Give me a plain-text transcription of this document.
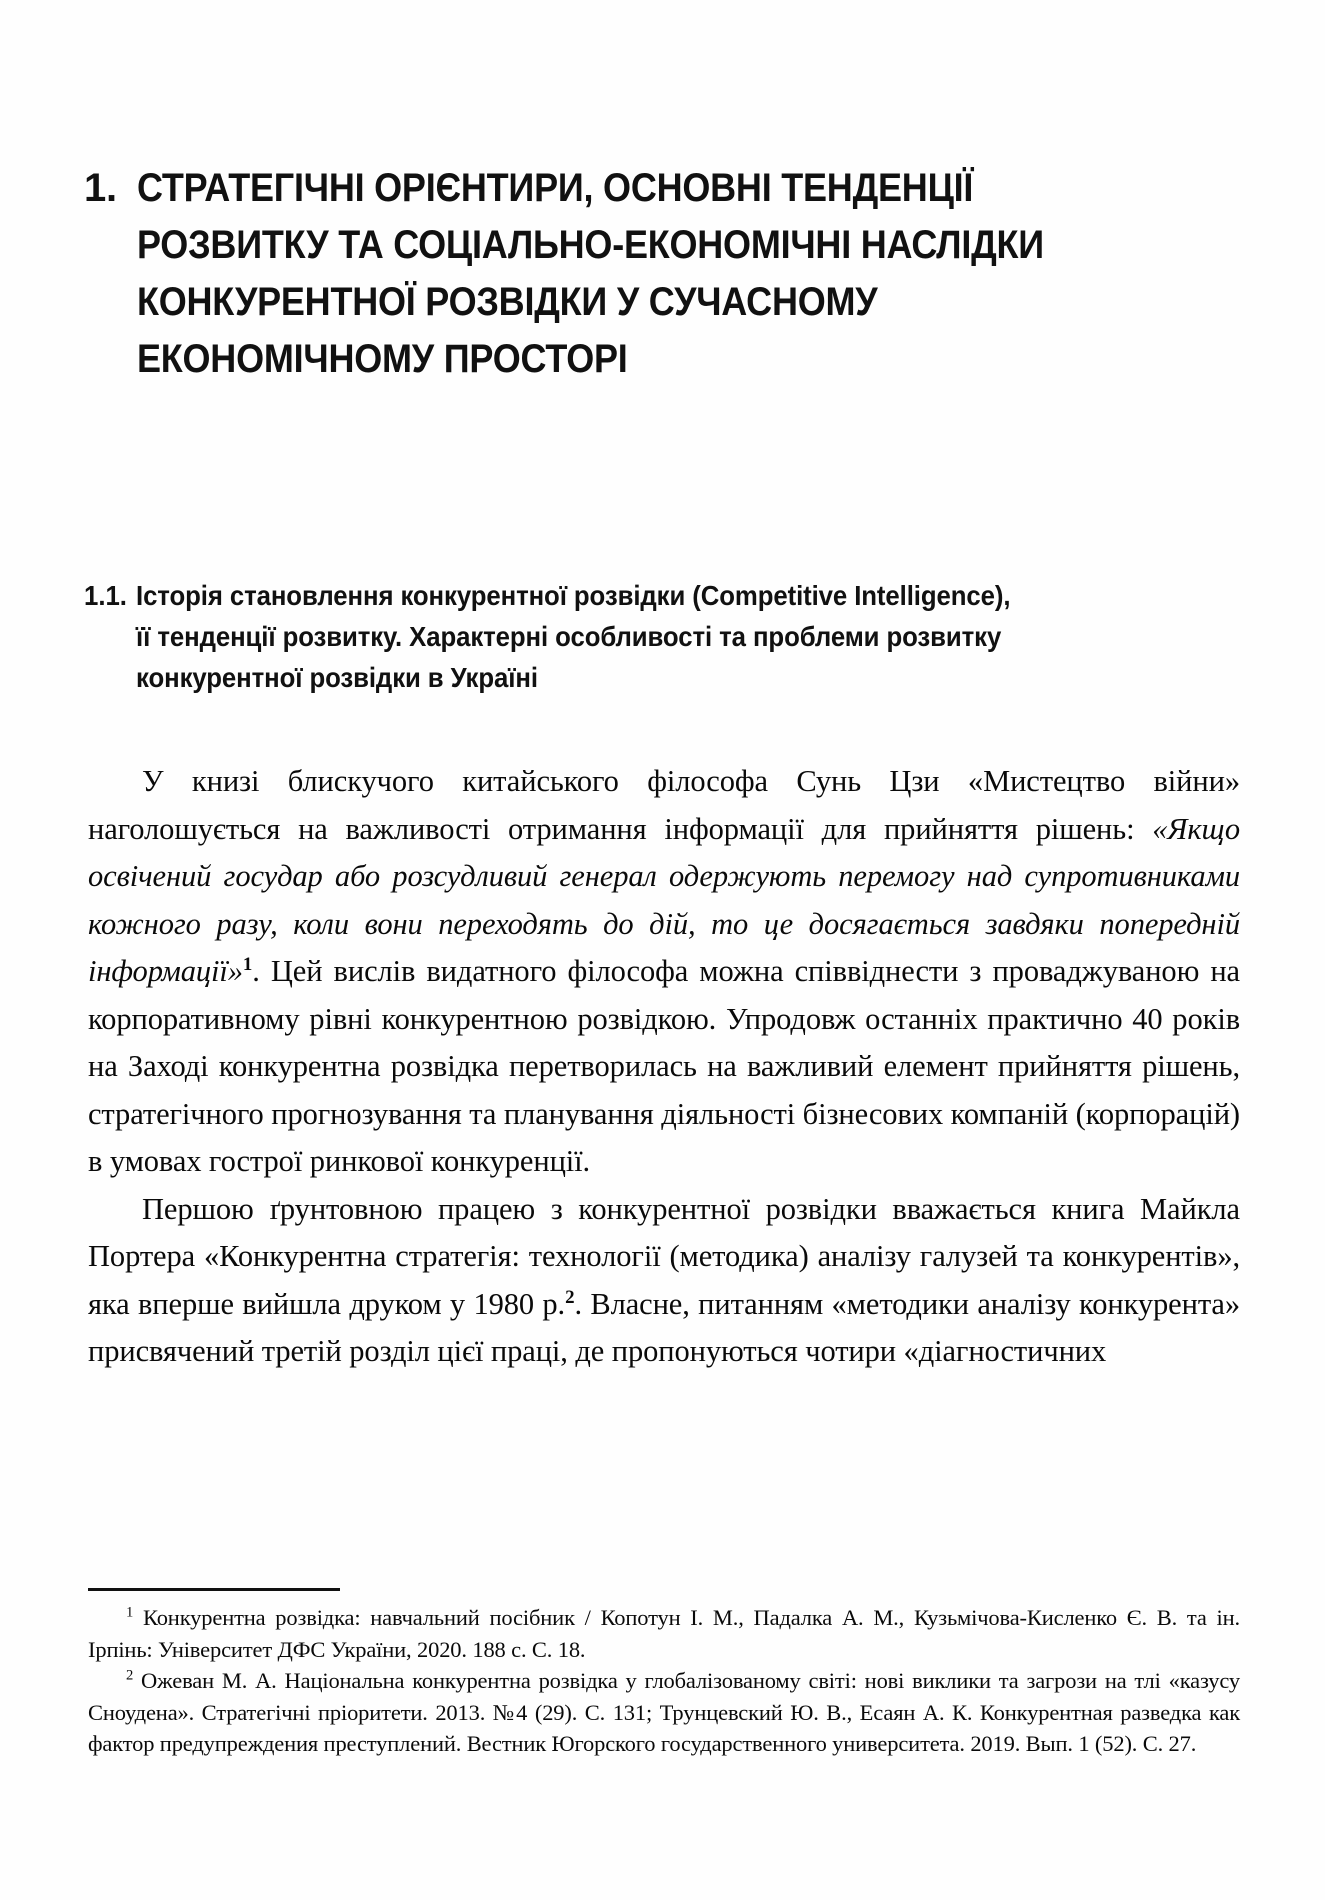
1. СТРАТЕГІЧНІ ОРІЄНТИРИ, ОСНОВНІ ТЕНДЕНЦІЇ
РОЗВИТКУ ТА СОЦІАЛЬНО-ЕКОНОМІЧНІ НАСЛІДКИ
КОНКУРЕНТНОЇ РОЗВІДКИ У СУЧАСНОМУ
ЕКОНОМІЧНОМУ ПРОСТОРІ
1.1. Історія становлення конкурентної розвідки (Competitive Intelligence),
її тенденції розвитку. Характерні особливості та проблеми розвитку
конкурентної розвідки в Україні

У книзі блискучого китайського філософа Сунь Цзи «Мистецтво війни» наголошується на важливості отримання інформації для прийняття рішень: «Якщо освічений государ або розсудливий генерал одержують перемогу над супротивниками кожного разу, коли вони переходять до дій, то це досягається завдяки попередній інформації»$^1$. Цей вислів видатного філософа можна співвіднести з проваджуваною на корпоративному рівні конкурентною розвідкою. Упродовж останніх практично 40 років на Заході конкурентна розвідка перетворилась на важливий елемент прийняття рішень, стратегічного прогнозування та планування діяльності бізнесових компаній (корпорацій) в умовах гострої ринкової конкуренції.

Першою ґрунтовною працею з конкурентної розвідки вважається книга Майкла Портера «Конкурентна стратегія: технології (методика) аналізу галузей та конкурентів», яка вперше вийшла друком у 1980 р.$^2$. Власне, питанням «методики аналізу конкурента» присвячений третій розділ цієї праці, де пропонуються чотири «діагностичних

$^1$ Конкурентна розвідка: навчальний посібник / Копотун І. М., Падалка А. М., Кузьмічова-Кисленко Є. В. та ін. Ірпінь: Університет ДФС України, 2020. 188 с. С. 18.

$^2$ Ожеван М. А. Національна конкурентна розвідка у глобалізованому світі: нові виклики та загрози на тлі «казусу Сноудена». Стратегічні пріоритети. 2013. №4 (29). С. 131; Трунцевский Ю. В., Есаян А. К. Конкурентная разведка как фактор предупреждения преступлений. Вестник Югорского государственного университета. 2019. Вып. 1 (52). С. 27.
